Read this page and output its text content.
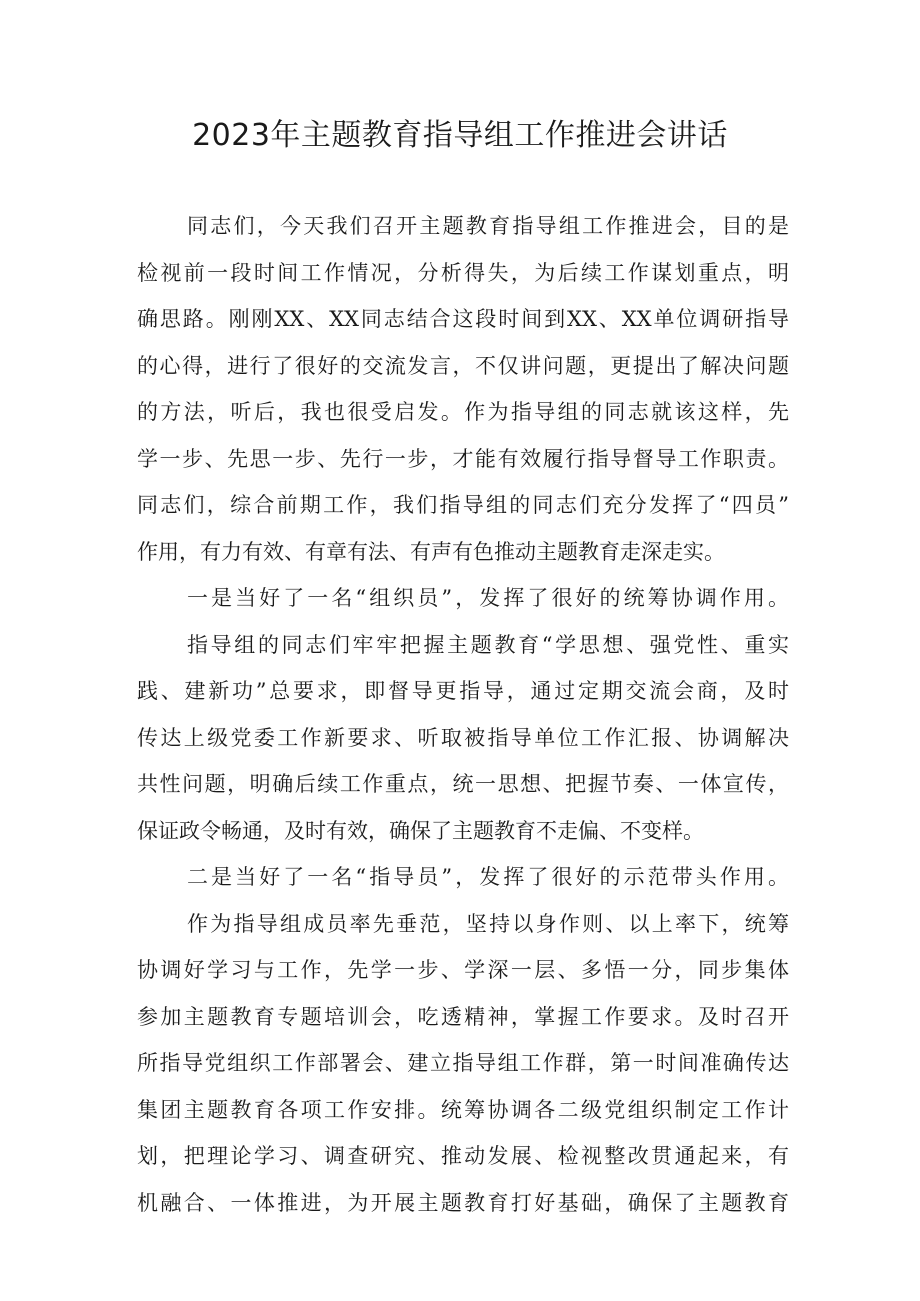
2023年主题教育指导组工作推进会讲话
同志们，今天我们召开主题教育指导组工作推进会，目的是
检视前一段时间工作情况，分析得失，为后续工作谋划重点，明
确思路。刚刚XX、XX同志结合这段时间到XX、XX单位调研指导
的心得，进行了很好的交流发言，不仅讲问题，更提出了解决问题
的方法，听后，我也很受启发。作为指导组的同志就该这样，先
学一步、先思一步、先行一步，才能有效履行指导督导工作职责。
同志们，综合前期工作，我们指导组的同志们充分发挥了“四员”
作用，有力有效、有章有法、有声有色推动主题教育走深走实。
一是当好了一名“组织员”，发挥了很好的统筹协调作用。
指导组的同志们牢牢把握主题教育“学思想、强党性、重实
践、建新功”总要求，即督导更指导，通过定期交流会商，及时
传达上级党委工作新要求、听取被指导单位工作汇报、协调解决
共性问题，明确后续工作重点，统一思想、把握节奏、一体宣传，
保证政令畅通，及时有效，确保了主题教育不走偏、不变样。
二是当好了一名“指导员”，发挥了很好的示范带头作用。
作为指导组成员率先垂范，坚持以身作则、以上率下，统筹
协调好学习与工作，先学一步、学深一层、多悟一分，同步集体
参加主题教育专题培训会，吃透精神，掌握工作要求。及时召开
所指导党组织工作部署会、建立指导组工作群，第一时间准确传达
集团主题教育各项工作安排。统筹协调各二级党组织制定工作计
划，把理论学习、调查研究、推动发展、检视整改贯通起来，有
机融合、一体推进，为开展主题教育打好基础，确保了主题教育
